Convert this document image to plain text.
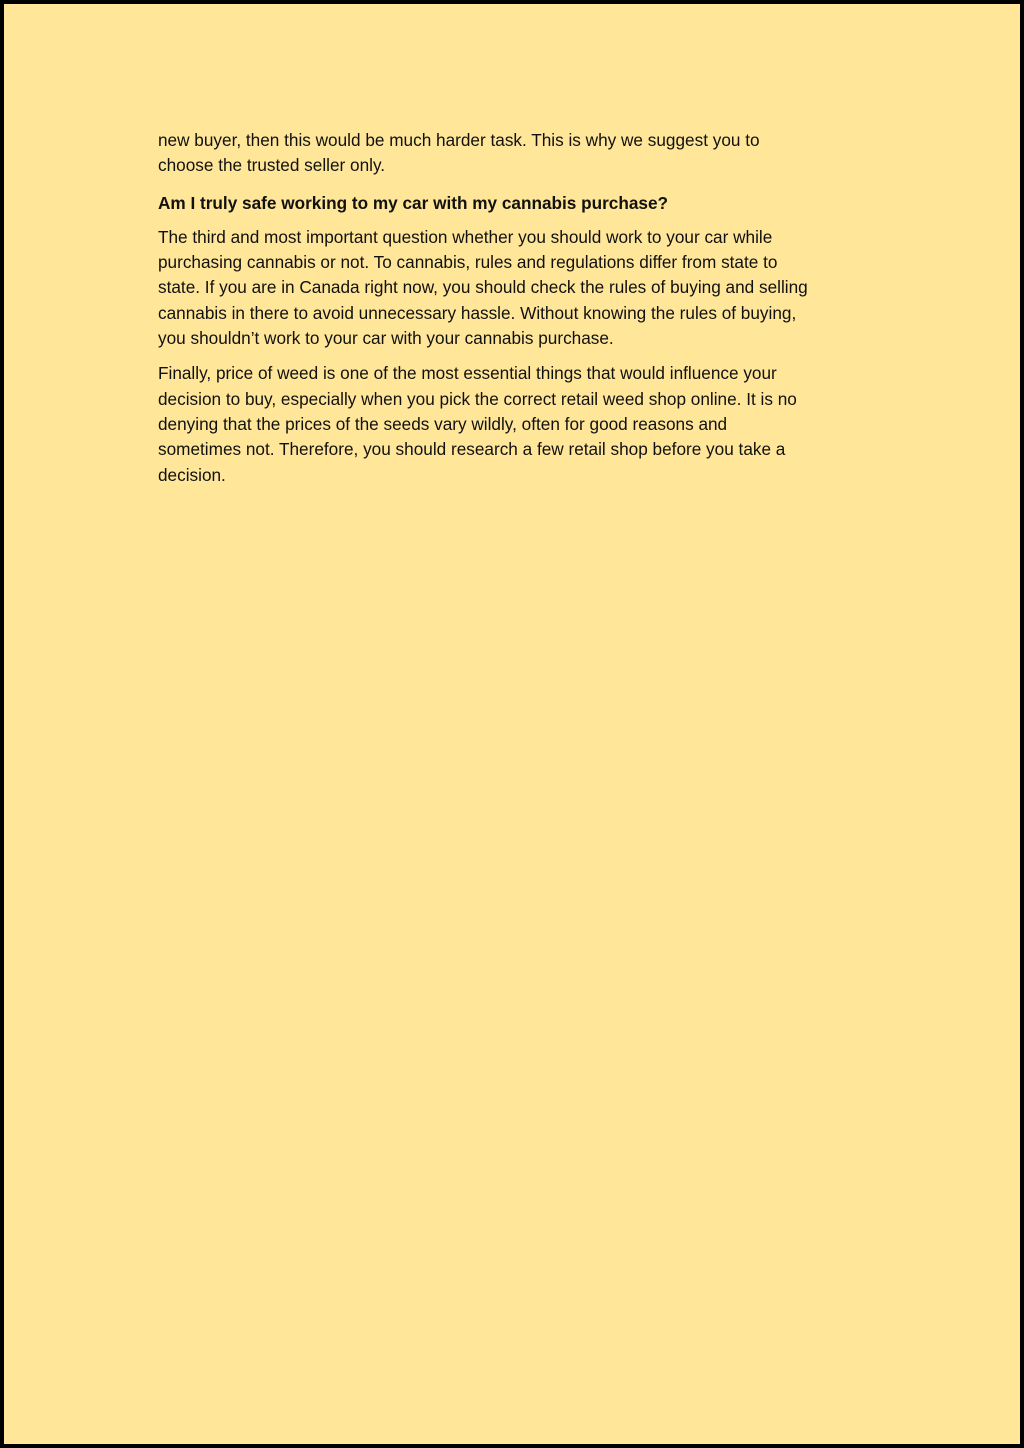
new buyer, then this would be much harder task. This is why we suggest you to
choose the trusted seller only.

Am I truly safe working to my car with my cannabis purchase?

The third and most important question whether you should work to your car while
purchasing cannabis or not. To cannabis, rules and regulations differ from state to
state. If you are in Canada right now, you should check the rules of buying and selling
cannabis in there to avoid unnecessary hassle. Without knowing the rules of buying,
you shouldn’t work to your car with your cannabis purchase.

Finally, price of weed is one of the most essential things that would influence your
decision to buy, especially when you pick the correct retail weed shop online. It is no
denying that the prices of the seeds vary wildly, often for good reasons and
sometimes not. Therefore, you should research a few retail shop before you take a
decision.
